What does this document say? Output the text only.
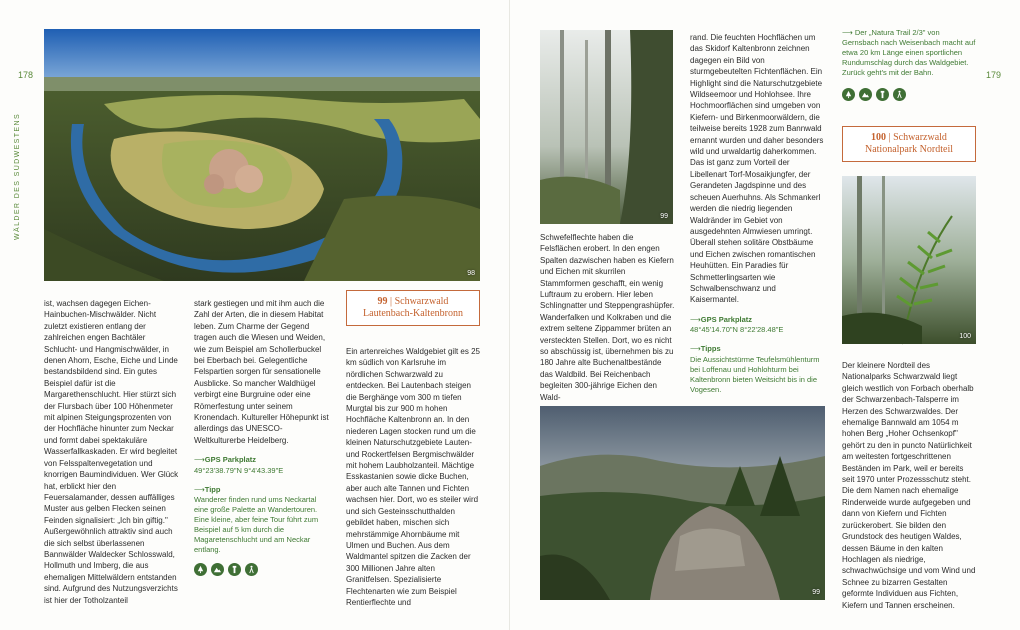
178
WÄLDER DES SÜDWESTENS
98

ist, wachsen dagegen Eichen-Hainbuchen-Mischwälder. Nicht zuletzt existieren entlang der zahlreichen engen Bachtäler Schlucht- und Hangmischwälder, in denen Ahorn, Esche, Eiche und Linde bestandsbildend sind. Ein gutes Beispiel dafür ist die Margarethenschlucht. Hier stürzt sich der Flursbach über 100 Höhenmeter mit alpinen Steigungsprozenten von der Hochfläche hinunter zum Neckar und formt dabei spektakuläre Wasserfallkaskaden. Er wird begleitet von Felsspaltenvegetation und knorrigen Baumindividuen. Wer Glück hat, erblickt hier den Feuersalamander, dessen auffälliges Muster aus gelben Flecken seinen Feinden signalisiert: „Ich bin giftig." Außergewöhnlich attraktiv sind auch die sich selbst überlassenen Bannwälder Waldecker Schlosswald, Hollmuth und Imberg, die aus ehemaligen Mittelwäldern entstanden sind. Aufgrund des Nutzungsverzichts ist hier der Totholzanteil

stark gestiegen und mit ihm auch die Zahl der Arten, die in diesem Habitat leben. Zum Charme der Gegend tragen auch die Wiesen und Weiden, wie zum Beispiel am Schollerbuckel bei Eberbach bei. Gelegentliche Felspartien sorgen für sensationelle Ausblicke. So mancher Waldhügel verbirgt eine Burgruine oder eine Römerfestung unter seinem Kronendach. Kultureller Höhepunkt ist allerdings das UNESCO-Weltkulturerbe Heidelberg.

⟶ GPS Parkplatz
49°23'38.79"N 9°4'43.39"E
⟶ Tipp
Wanderer finden rund ums Neckartal eine große Palette an Wandertouren. Eine kleine, aber feine Tour führt zum Beispiel auf 5 km durch die Magaretenschlucht und am Neckar entlang.
99 | Schwarzwald Lautenbach-Kaltenbronn

Ein artenreiches Waldgebiet gilt es 25 km südlich von Karlsruhe im nördlichen Schwarzwald zu entdecken. Bei Lautenbach steigen die Berghänge vom 300 m tiefen Murgtal bis zur 900 m hohen Hochfläche Kaltenbronn an. In den niederen Lagen stocken rund um die kleinen Naturschutzgebiete Lauten- und Rockertfelsen Bergmischwälder mit hohem Laubholzanteil. Mächtige Esskastanien sowie dicke Buchen, aber auch alte Tannen und Fichten wachsen hier. Dort, wo es steiler wird und sich Gesteinsschutthalden gebildet haben, mischen sich mehrstämmige Ahornbäume mit Ulmen und Buchen. Aus dem Waldmantel spitzen die Zacken der 300 Millionen Jahre alten Granitfelsen. Spezialisierte Flechtenarten wie zum Beispiel Rentierflechte und

179
99

Schwefelflechte haben die Felsflächen erobert. In den engen Spalten dazwischen haben es Kiefern und Eichen mit skurrilen Stammformen geschafft, ein wenig Luftraum zu erobern. Hier leben Schlingnatter und Steppengrashüpfer. Wanderfalken und Kolkraben und die extrem seltene Zippammer brüten an versteckten Stellen. Dort, wo es nicht so abschüssig ist, übernehmen bis zu 180 Jahre alte Buchenaltbestände das Waldbild. Bei Reichenbach begleiten 300-jährige Eichen den Wald-

rand. Die feuchten Hochflächen um das Skidorf Kaltenbronn zeichnen dagegen ein Bild von sturmgebeutelten Fichtenflächen. Ein Highlight sind die Naturschutzgebiete Wildseemoor und Hohlohsee. Ihre Hochmoorflächen sind umgeben von Kiefern- und Birkenmoorwäldern, die teilweise bereits 1928 zum Bannwald ernannt wurden und daher besonders wild und urwaldartig daherkommen. Das ist ganz zum Vorteil der Libellenart Torf-Mosaikjungfer, der Gerandeten Jagdspinne und des scheuen Auerhuhns. Als Schmankerl werden die niedrig liegenden Waldränder im Gebiet von ausgedehnten Almwiesen umringt. Überall stehen solitäre Obstbäume und Eichen zwischen romantischen Heuhütten. Ein Paradies für Schmetterlingsarten wie Schwalbenschwanz und Kaisermantel.

⟶ GPS Parkplatz
48°45'14.70"N 8°22'28.48"E
⟶ Tipps
Die Aussichtstürme Teufelsmühlenturm bei Loffenau und Hohlohturm bei Kaltenbronn bieten Weitsicht bis in die Vogesen.
99

⟶ Der „Natura Trail 2/3" von Gernsbach nach Weisenbach macht auf etwa 20 km Länge einen sportlichen Rundumschlag durch das Waldgebiet. Zurück geht's mit der Bahn.

100 | Schwarzwald Nationalpark Nordteil
100

Der kleinere Nordteil des Nationalparks Schwarzwald liegt gleich westlich von Forbach oberhalb der Schwarzenbach-Talsperre im Herzen des Schwarzwaldes. Der ehemalige Bannwald am 1054 m hohen Berg „Hoher Ochsenkopf" gehört zu den in puncto Natürlichkeit am weitesten fortgeschrittenen Beständen im Park, weil er bereits seit 1970 unter Prozessschutz steht. Die dem Namen nach ehemalige Rinderweide wurde aufgegeben und dann von Kiefern und Fichten zurückerobert. Sie bilden den Grundstock des heutigen Waldes, dessen Bäume in den kalten Hochlagen als niedrige, schwachwüchsige und vom Wind und Schnee zu bizarren Gestalten geformte Individuen aus Fichten, Kiefern und Tannen erscheinen.
